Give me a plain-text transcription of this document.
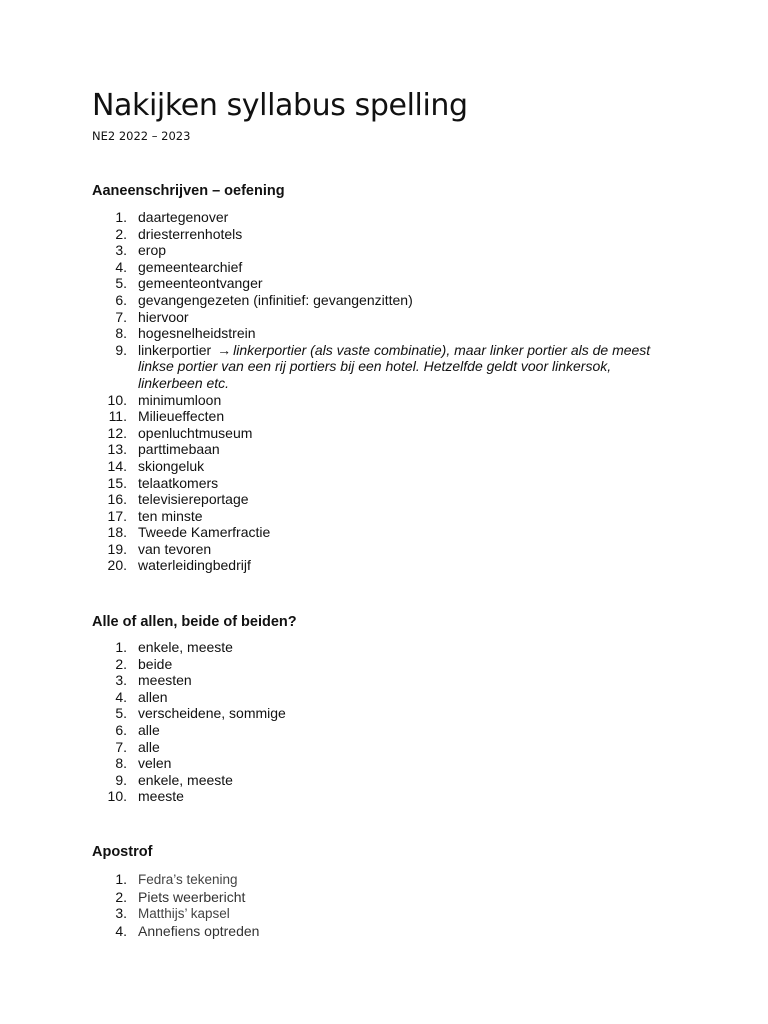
Nakijken syllabus spelling
NE2 2022 – 2023
Aaneenschrijven – oefening
1. daartegenover
2. driesterrenhotels
3. erop
4. gemeentearchief
5. gemeenteontvanger
6. gevangengezeten (infinitief: gevangenzitten)
7. hiervoor
8. hogesnelheidstrein
9. linkerportier → linkerportier (als vaste combinatie), maar linker portier als de meest linkse portier van een rij portiers bij een hotel. Hetzelfde geldt voor linkersok, linkerbeen etc.
10. minimumloon
11. Milieueffecten
12. openluchtmuseum
13. parttimebaan
14. skiongeluk
15. telaatkomers
16. televisiereportage
17. ten minste
18. Tweede Kamerfractie
19. van tevoren
20. waterleidingbedrijf
Alle of allen, beide of beiden?
1. enkele, meeste
2. beide
3. meesten
4. allen
5. verscheidene, sommige
6. alle
7. alle
8. velen
9. enkele, meeste
10. meeste
Apostrof
1. Fedra’s tekening
2. Piets weerbericht
3. Matthijs’ kapsel
4. Annefiens optreden
